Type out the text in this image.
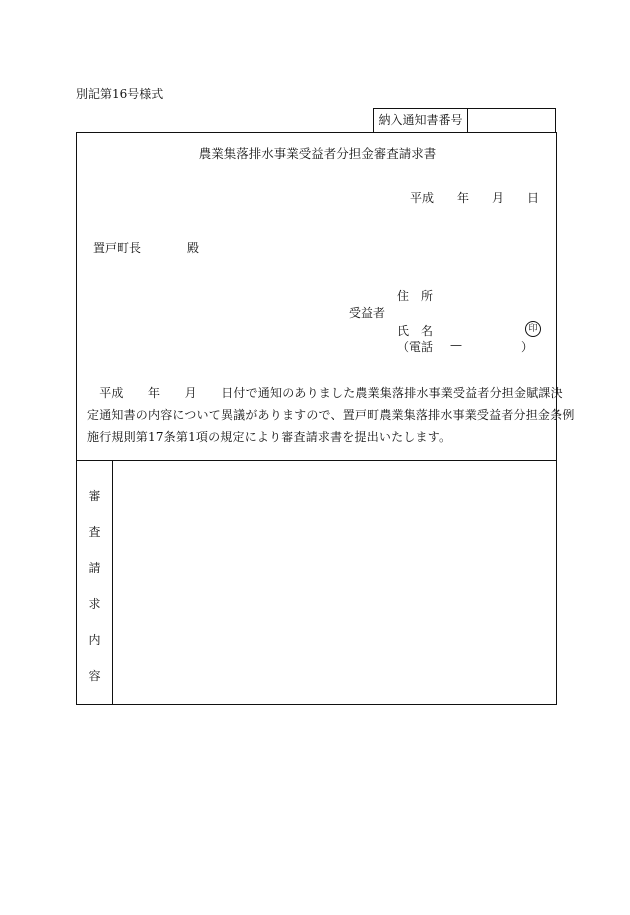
別記第16号様式
納入通知書番号
農業集落排水事業受益者分担金審査請求書
平成 年 月 日
置戸町長	殿
住　所
受益者
氏　名	印
（電話 —	）
　平成　　年　　月　　日付で通知のありました農業集落排水事業受益者分担金賦課決
定通知書の内容について異議がありますので、置戸町農業集落排水事業受益者分担金条例
施行規則第17条第1項の規定により審査請求書を提出いたします。
審
査
請
求
内
容
